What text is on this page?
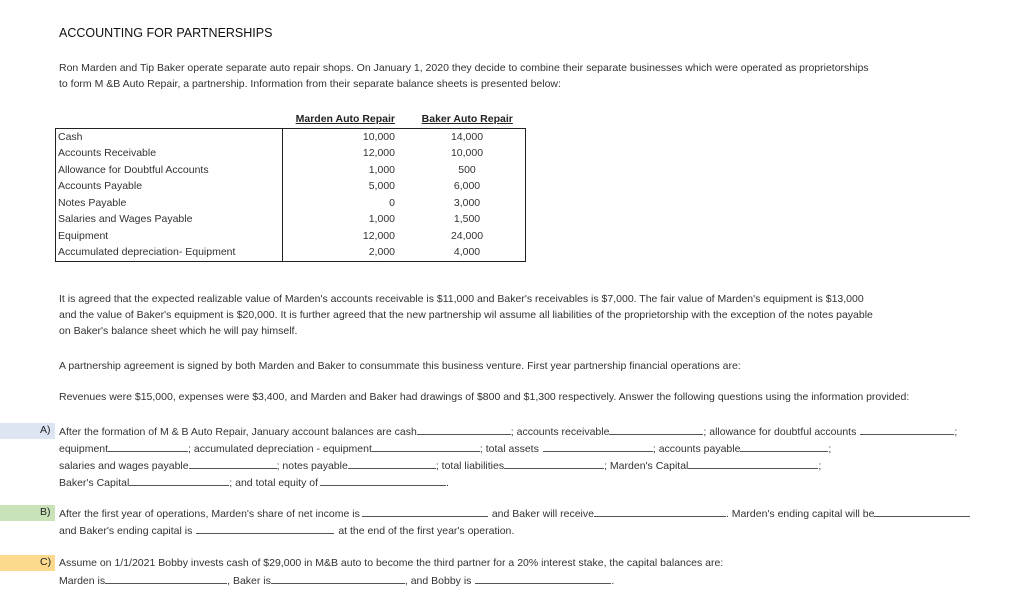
ACCOUNTING FOR PARTNERSHIPS
Ron Marden and Tip Baker operate separate auto repair shops. On January 1, 2020 they decide to combine their separate businesses which were operated as proprietorships
to form M &B Auto Repair, a partnership. Information from their separate balance sheets is presented below:
	Marden Auto Repair	Baker Auto Repair
Cash	10,000	14,000
Accounts Receivable	12,000	10,000
Allowance for Doubtful Accounts	1,000	500
Accounts Payable	5,000	6,000
Notes Payable	0	3,000
Salaries and Wages Payable	1,000	1,500
Equipment	12,000	24,000
Accumulated depreciation- Equipment	2,000	4,000
It is agreed that the expected realizable value of Marden's accounts receivable is $11,000 and Baker's receivables is $7,000. The fair value of Marden's equipment is $13,000
and the value of Baker's equipment is $20,000. It is further agreed that the new partnership wil assume all liabilities of the proprietorship with the exception of the notes payable
on Baker's balance sheet which he will pay himself.
A partnership agreement is signed by both Marden and Baker to consummate this business venture. First year partnership financial operations are:
Revenues were $15,000, expenses were $3,400, and Marden and Baker had drawings of $800 and $1,300 respectively. Answer the following questions using the information provided:
A) After the formation of M & B Auto Repair, January account balances are cash	; accounts receivable	; allowance for doubtful accounts	;
equipment	; accumulated depreciation - equipment	; total assets	; accounts payable	;
salaries and wages payable	; notes payable	; total liabilities	; Marden's Capital	;
Baker's Capital	; and total equity of	.
B) After the first year of operations, Marden's share of net income is	and Baker will receive	. Marden's ending capital will be
and Baker's ending capital is	at the end of the first year's operation.
C) Assume on 1/1/2021 Bobby invests cash of $29,000 in M&B auto to become the third partner for a 20% interest stake, the capital balances are:
Marden is	, Baker is	, and Bobby is	.
